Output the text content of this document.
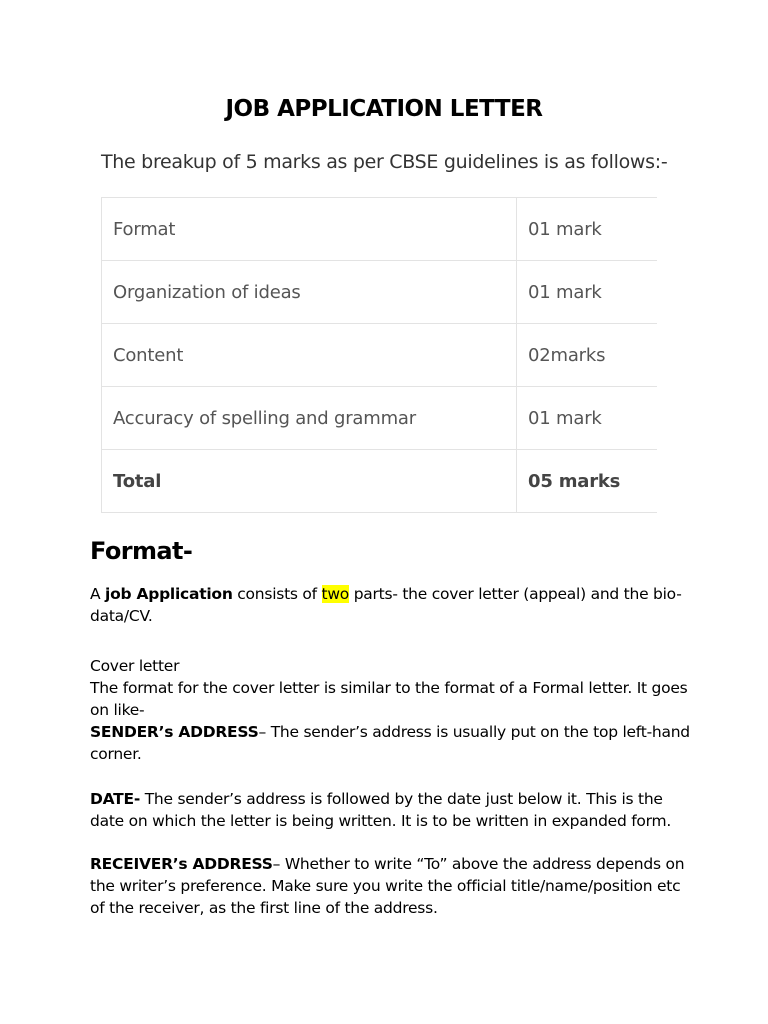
JOB APPLICATION LETTER
The breakup of 5 marks as per CBSE guidelines is as follows:-
Format	01 mark
Organization of ideas	01 mark
Content	02marks
Accuracy of spelling and grammar	01 mark
Total	05 marks
Format-
A job Application consists of two parts- the cover letter (appeal) and the bio-data/CV.
Cover letter
The format for the cover letter is similar to the format of a Formal letter. It goes on like-
SENDER’s ADDRESS– The sender’s address is usually put on the top left-hand corner.
DATE- The sender’s address is followed by the date just below it. This is the date on which the letter is being written. It is to be written in expanded form.
RECEIVER’s ADDRESS– Whether to write “To” above the address depends on the writer’s preference. Make sure you write the official title/name/position etc of the receiver, as the first line of the address.
